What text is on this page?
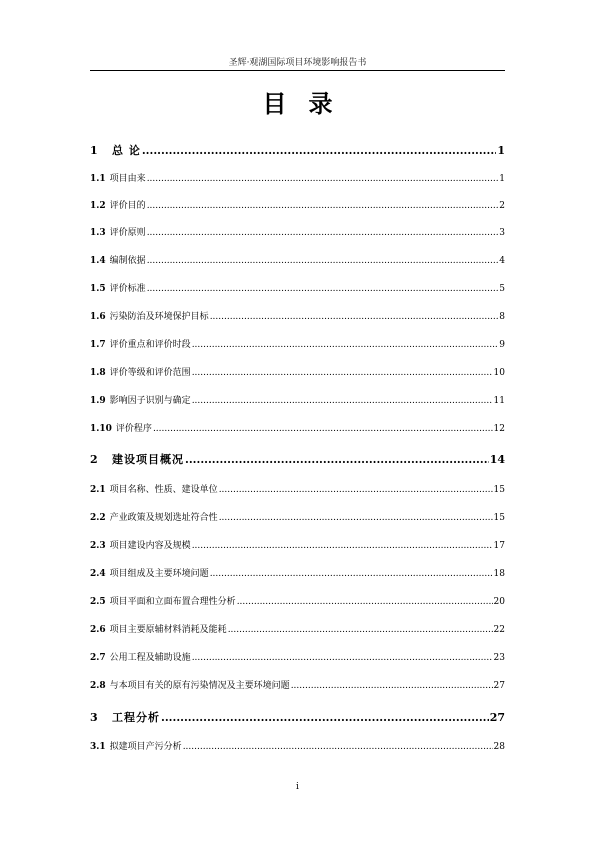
圣辉·观湖国际项目环境影响报告书
目录
1	总 论 .....	1
1.1 项目由来 .....	1
1.2 评价目的 .....	2
1.3 评价原则 .....	3
1.4 编制依据 .....	4
1.5 评价标准 .....	5
1.6 污染防治及环境保护目标 .....	8
1.7 评价重点和评价时段 .....	9
1.8 评价等级和评价范围 .....	10
1.9 影响因子识别与确定 .....	11
1.10 评价程序 .....	12
2	建设项目概况 .....	14
2.1 项目名称、性质、建设单位 .....	15
2.2 产业政策及规划选址符合性 .....	15
2.3 项目建设内容及规模 .....	17
2.4 项目组成及主要环境问题 .....	18
2.5 项目平面和立面布置合理性分析 .....	20
2.6 项目主要原辅材料消耗及能耗 .....	22
2.7 公用工程及辅助设施 .....	23
2.8 与本项目有关的原有污染情况及主要环境问题 .....	27
3	工程分析 .....	27
3.1 拟建项目产污分析 .....	28
i
